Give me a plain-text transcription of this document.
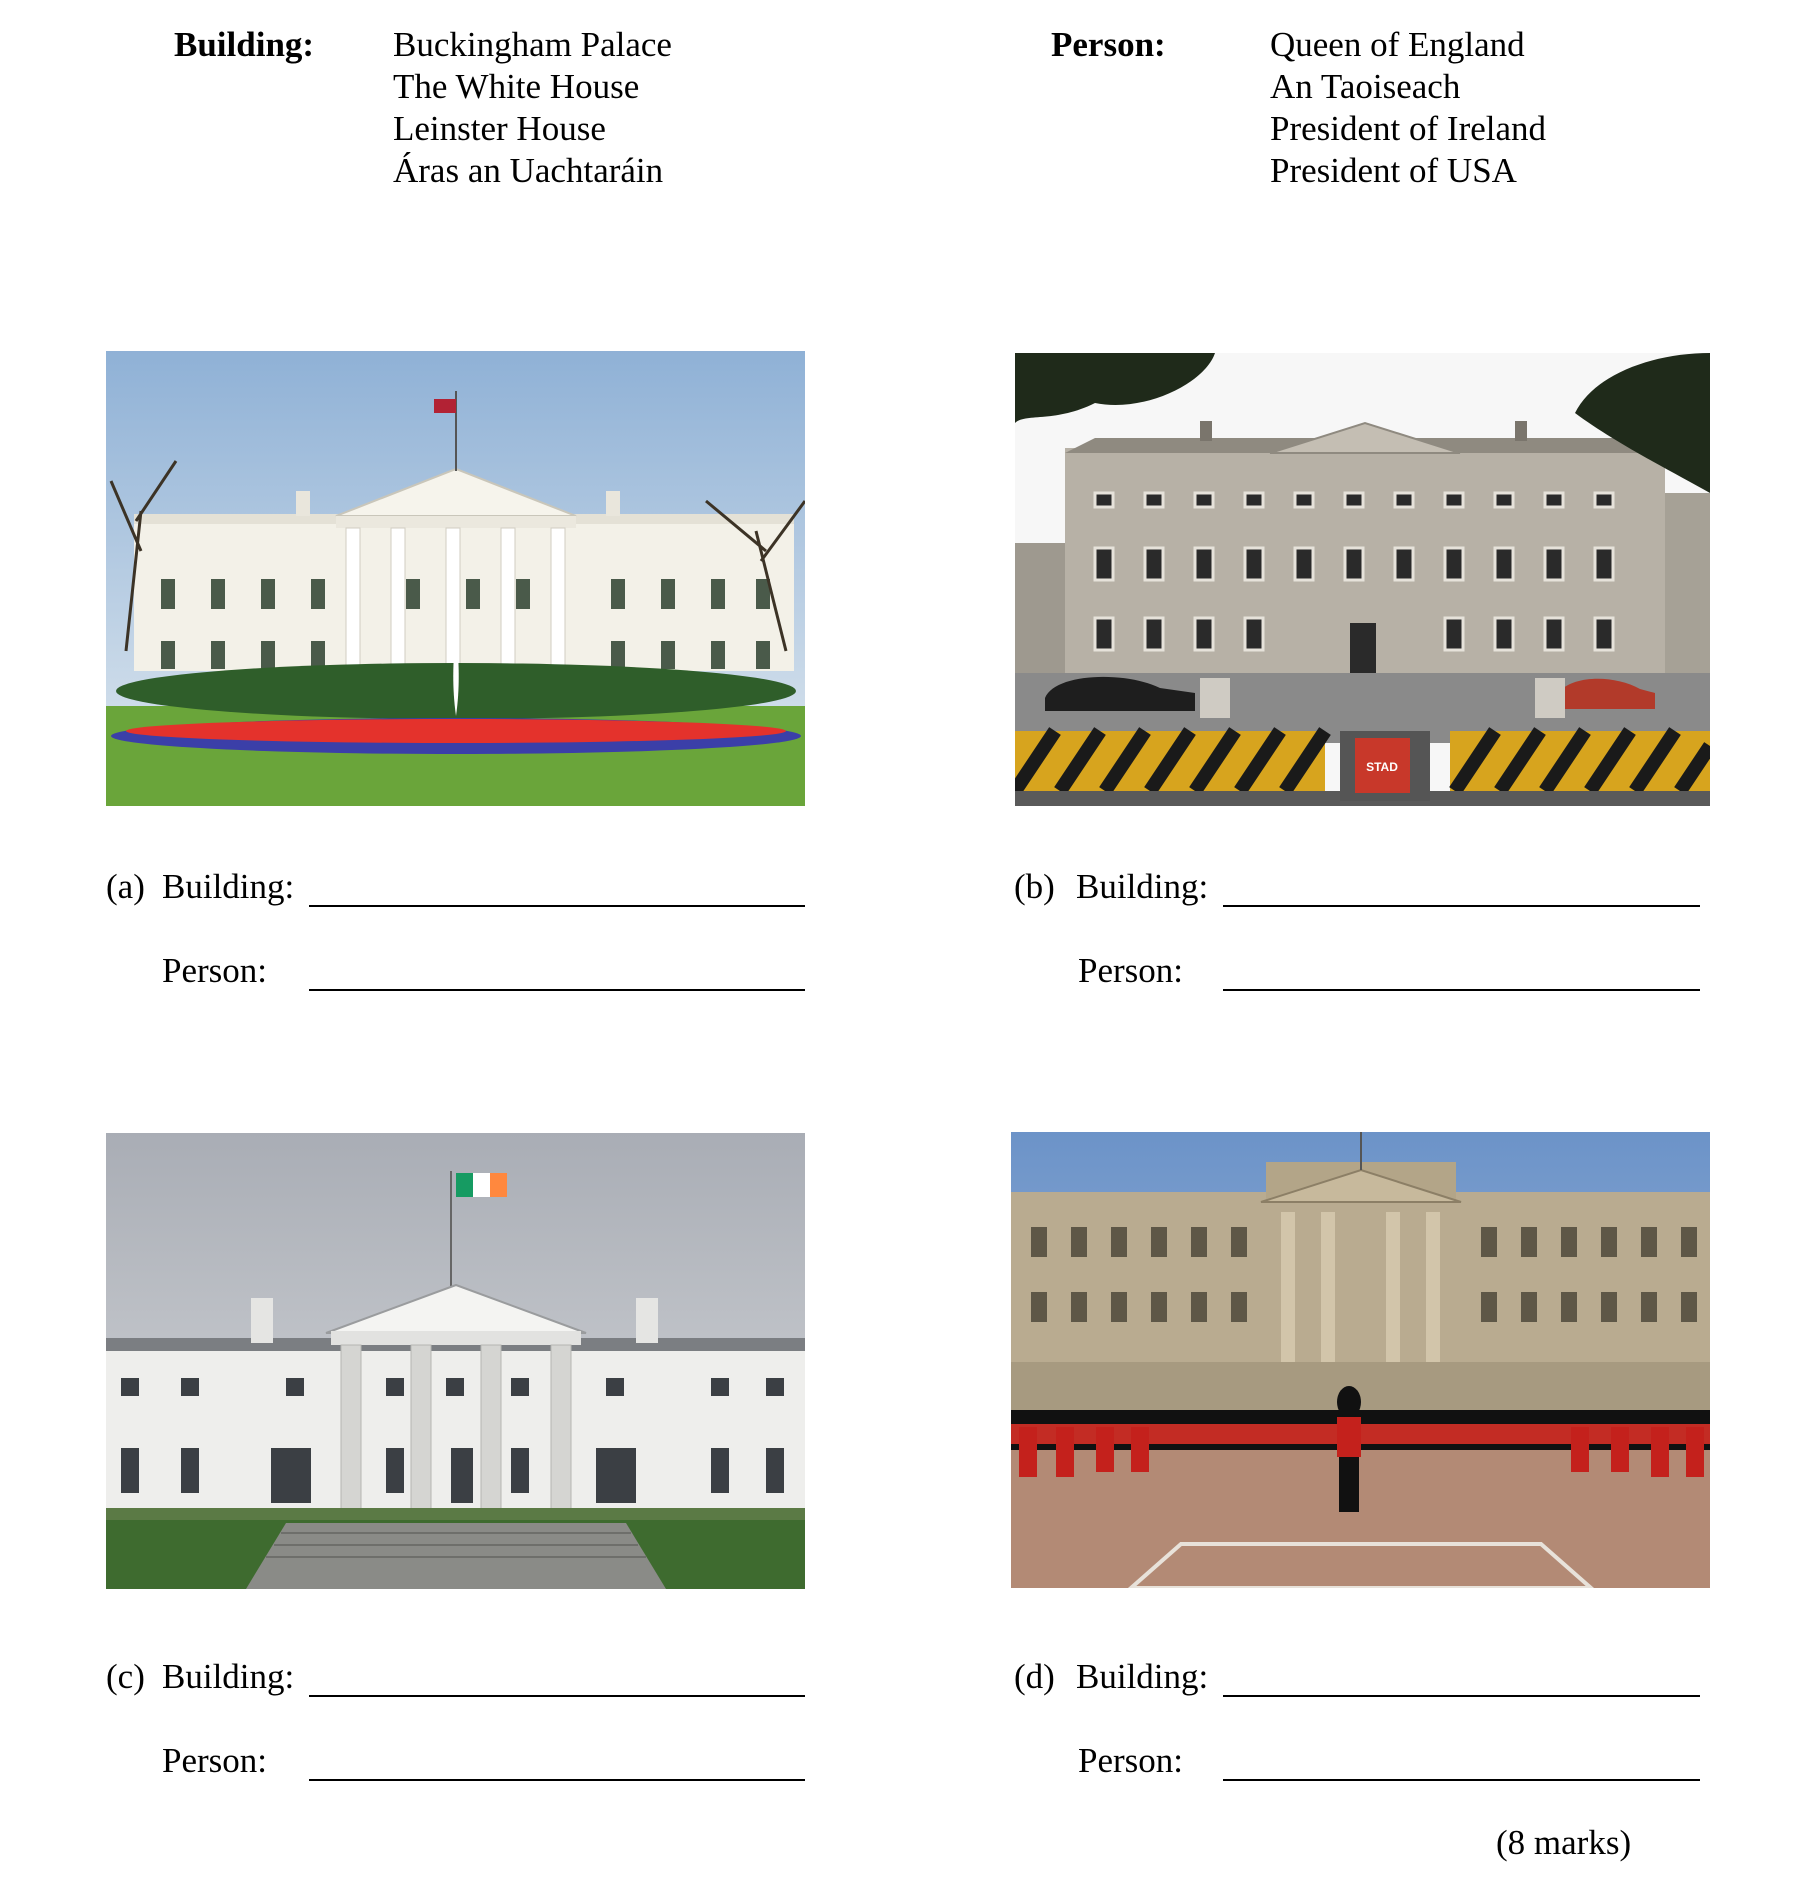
Building: Buckingham Palace
The White House
Leinster House
Áras an Uachtaráin
Person:	Queen of England
An Taoiseach
President of Ireland
President of USA
STAD
(a) Building:
Person:
(b) Building:
Person:
(c) Building:
Person:
(d) Building:
Person:
(8 marks)
